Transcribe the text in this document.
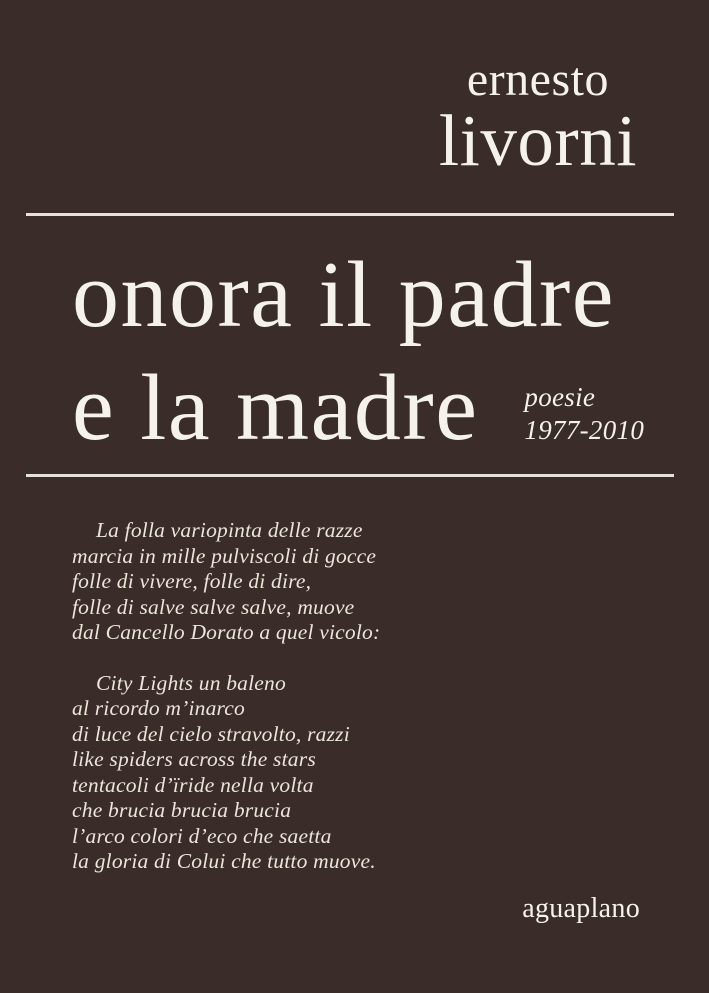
ernesto
livorni
onora il padre
e la madre poesie
1977-2010
La folla variopinta delle razze
marcia in mille pulviscoli di gocce
folle di vivere, folle di dire,
folle di salve salve salve, muove
dal Cancello Dorato a quel vicolo:
City Lights un baleno
al ricordo m’inarco
di luce del cielo stravolto, razzi
like spiders across the stars
tentacoli d’ïride nella volta
che brucia brucia brucia
l’arco colori d’eco che saetta
la gloria di Colui che tutto muove.
aguaplano
